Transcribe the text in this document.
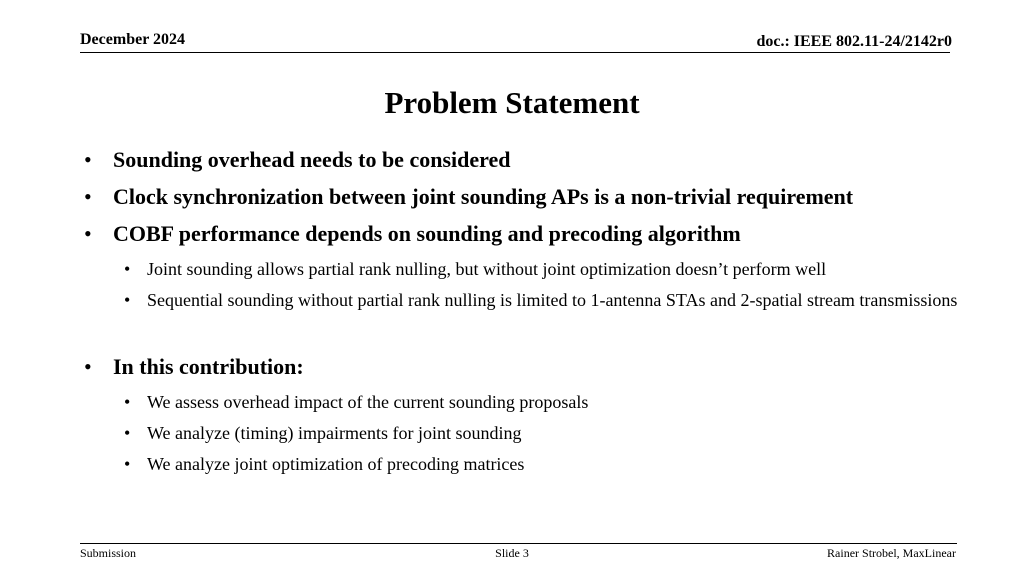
December 2024	doc.: IEEE 802.11-24/2142r0
Problem Statement
• Sounding overhead needs to be considered
• Clock synchronization between joint sounding APs is a non-trivial requirement
• COBF performance depends on sounding and precoding algorithm
• Joint sounding allows partial rank nulling, but without joint optimization doesn’t perform well
• Sequential sounding without partial rank nulling is limited to 1-antenna STAs and 2-spatial stream transmissions
• In this contribution:
• We assess overhead impact of the current sounding proposals
• We analyze (timing) impairments for joint sounding
• We analyze joint optimization of precoding matrices
Submission	Slide 3	Rainer Strobel, MaxLinear
